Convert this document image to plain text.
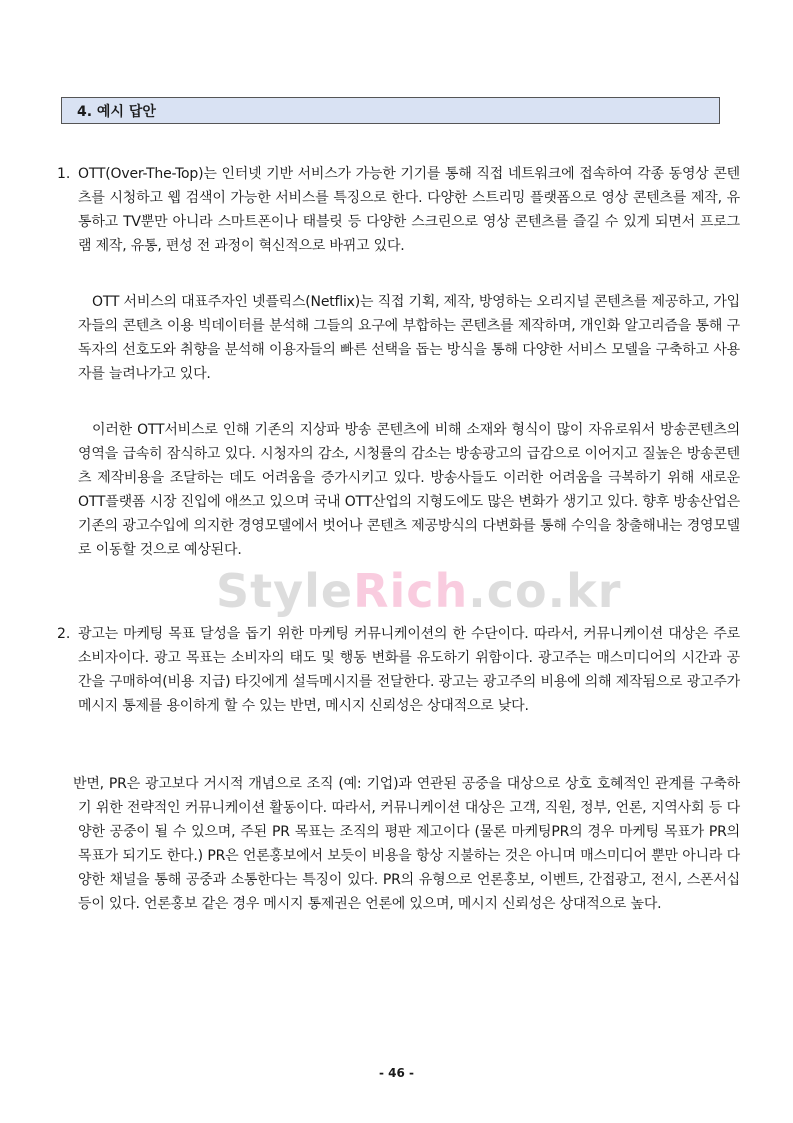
4. 예시 답안
1. OTT(Over-The-Top)는 인터넷 기반 서비스가 가능한 기기를 통해 직접 네트워크에 접속하여 각종 동영상 콘텐츠를 시청하고 웹 검색이 가능한 서비스를 특징으로 한다. 다양한 스트리밍 플랫폼으로 영상 콘텐츠를 제작, 유통하고 TV뿐만 아니라 스마트폰이나 태블릿 등 다양한 스크린으로 영상 콘텐츠를 즐길 수 있게 되면서 프로그램 제작, 유통, 편성 전 과정이 혁신적으로 바뀌고 있다.
OTT 서비스의 대표주자인 넷플릭스(Netflix)는 직접 기획, 제작, 방영하는 오리지널 콘텐츠를 제공하고, 가입자들의 콘텐츠 이용 빅데이터를 분석해 그들의 요구에 부합하는 콘텐츠를 제작하며, 개인화 알고리즘을 통해 구독자의 선호도와 취향을 분석해 이용자들의 빠른 선택을 돕는 방식을 통해 다양한 서비스 모델을 구축하고 사용자를 늘려나가고 있다.
이러한 OTT서비스로 인해 기존의 지상파 방송 콘텐츠에 비해 소재와 형식이 많이 자유로워서 방송콘텐츠의 영역을 급속히 잠식하고 있다. 시청자의 감소, 시청률의 감소는 방송광고의 급감으로 이어지고 질높은 방송콘텐츠 제작비용을 조달하는 데도 어려움을 증가시키고 있다. 방송사들도 이러한 어려움을 극복하기 위해 새로운 OTT플랫폼 시장 진입에 애쓰고 있으며 국내 OTT산업의 지형도에도 많은 변화가 생기고 있다. 향후 방송산업은 기존의 광고수입에 의지한 경영모델에서 벗어나 콘텐츠 제공방식의 다변화를 통해 수익을 창출해내는 경영모델로 이동할 것으로 예상된다.
2. 광고는 마케팅 목표 달성을 돕기 위한 마케팅 커뮤니케이션의 한 수단이다. 따라서, 커뮤니케이션 대상은 주로 소비자이다. 광고 목표는 소비자의 태도 및 행동 변화를 유도하기 위함이다. 광고주는 매스미디어의 시간과 공간을 구매하여(비용 지급) 타깃에게 설득메시지를 전달한다. 광고는 광고주의 비용에 의해 제작됨으로 광고주가 메시지 통제를 용이하게 할 수 있는 반면, 메시지 신뢰성은 상대적으로 낮다.
반면, PR은 광고보다 거시적 개념으로 조직 (예: 기업)과 연관된 공중을 대상으로 상호 호혜적인 관계를 구축하기 위한 전략적인 커뮤니케이션 활동이다. 따라서, 커뮤니케이션 대상은 고객, 직원, 정부, 언론, 지역사회 등 다양한 공중이 될 수 있으며, 주된 PR 목표는 조직의 평판 제고이다 (물론 마케팅PR의 경우 마케팅 목표가 PR의 목표가 되기도 한다.) PR은 언론홍보에서 보듯이 비용을 항상 지불하는 것은 아니며 매스미디어 뿐만 아니라 다양한 채널을 통해 공중과 소통한다는 특징이 있다. PR의 유형으로 언론홍보, 이벤트, 간접광고, 전시, 스폰서십 등이 있다. 언론홍보 같은 경우 메시지 통제권은 언론에 있으며, 메시지 신뢰성은 상대적으로 높다.
StyleRich.co.kr
- 46 -
